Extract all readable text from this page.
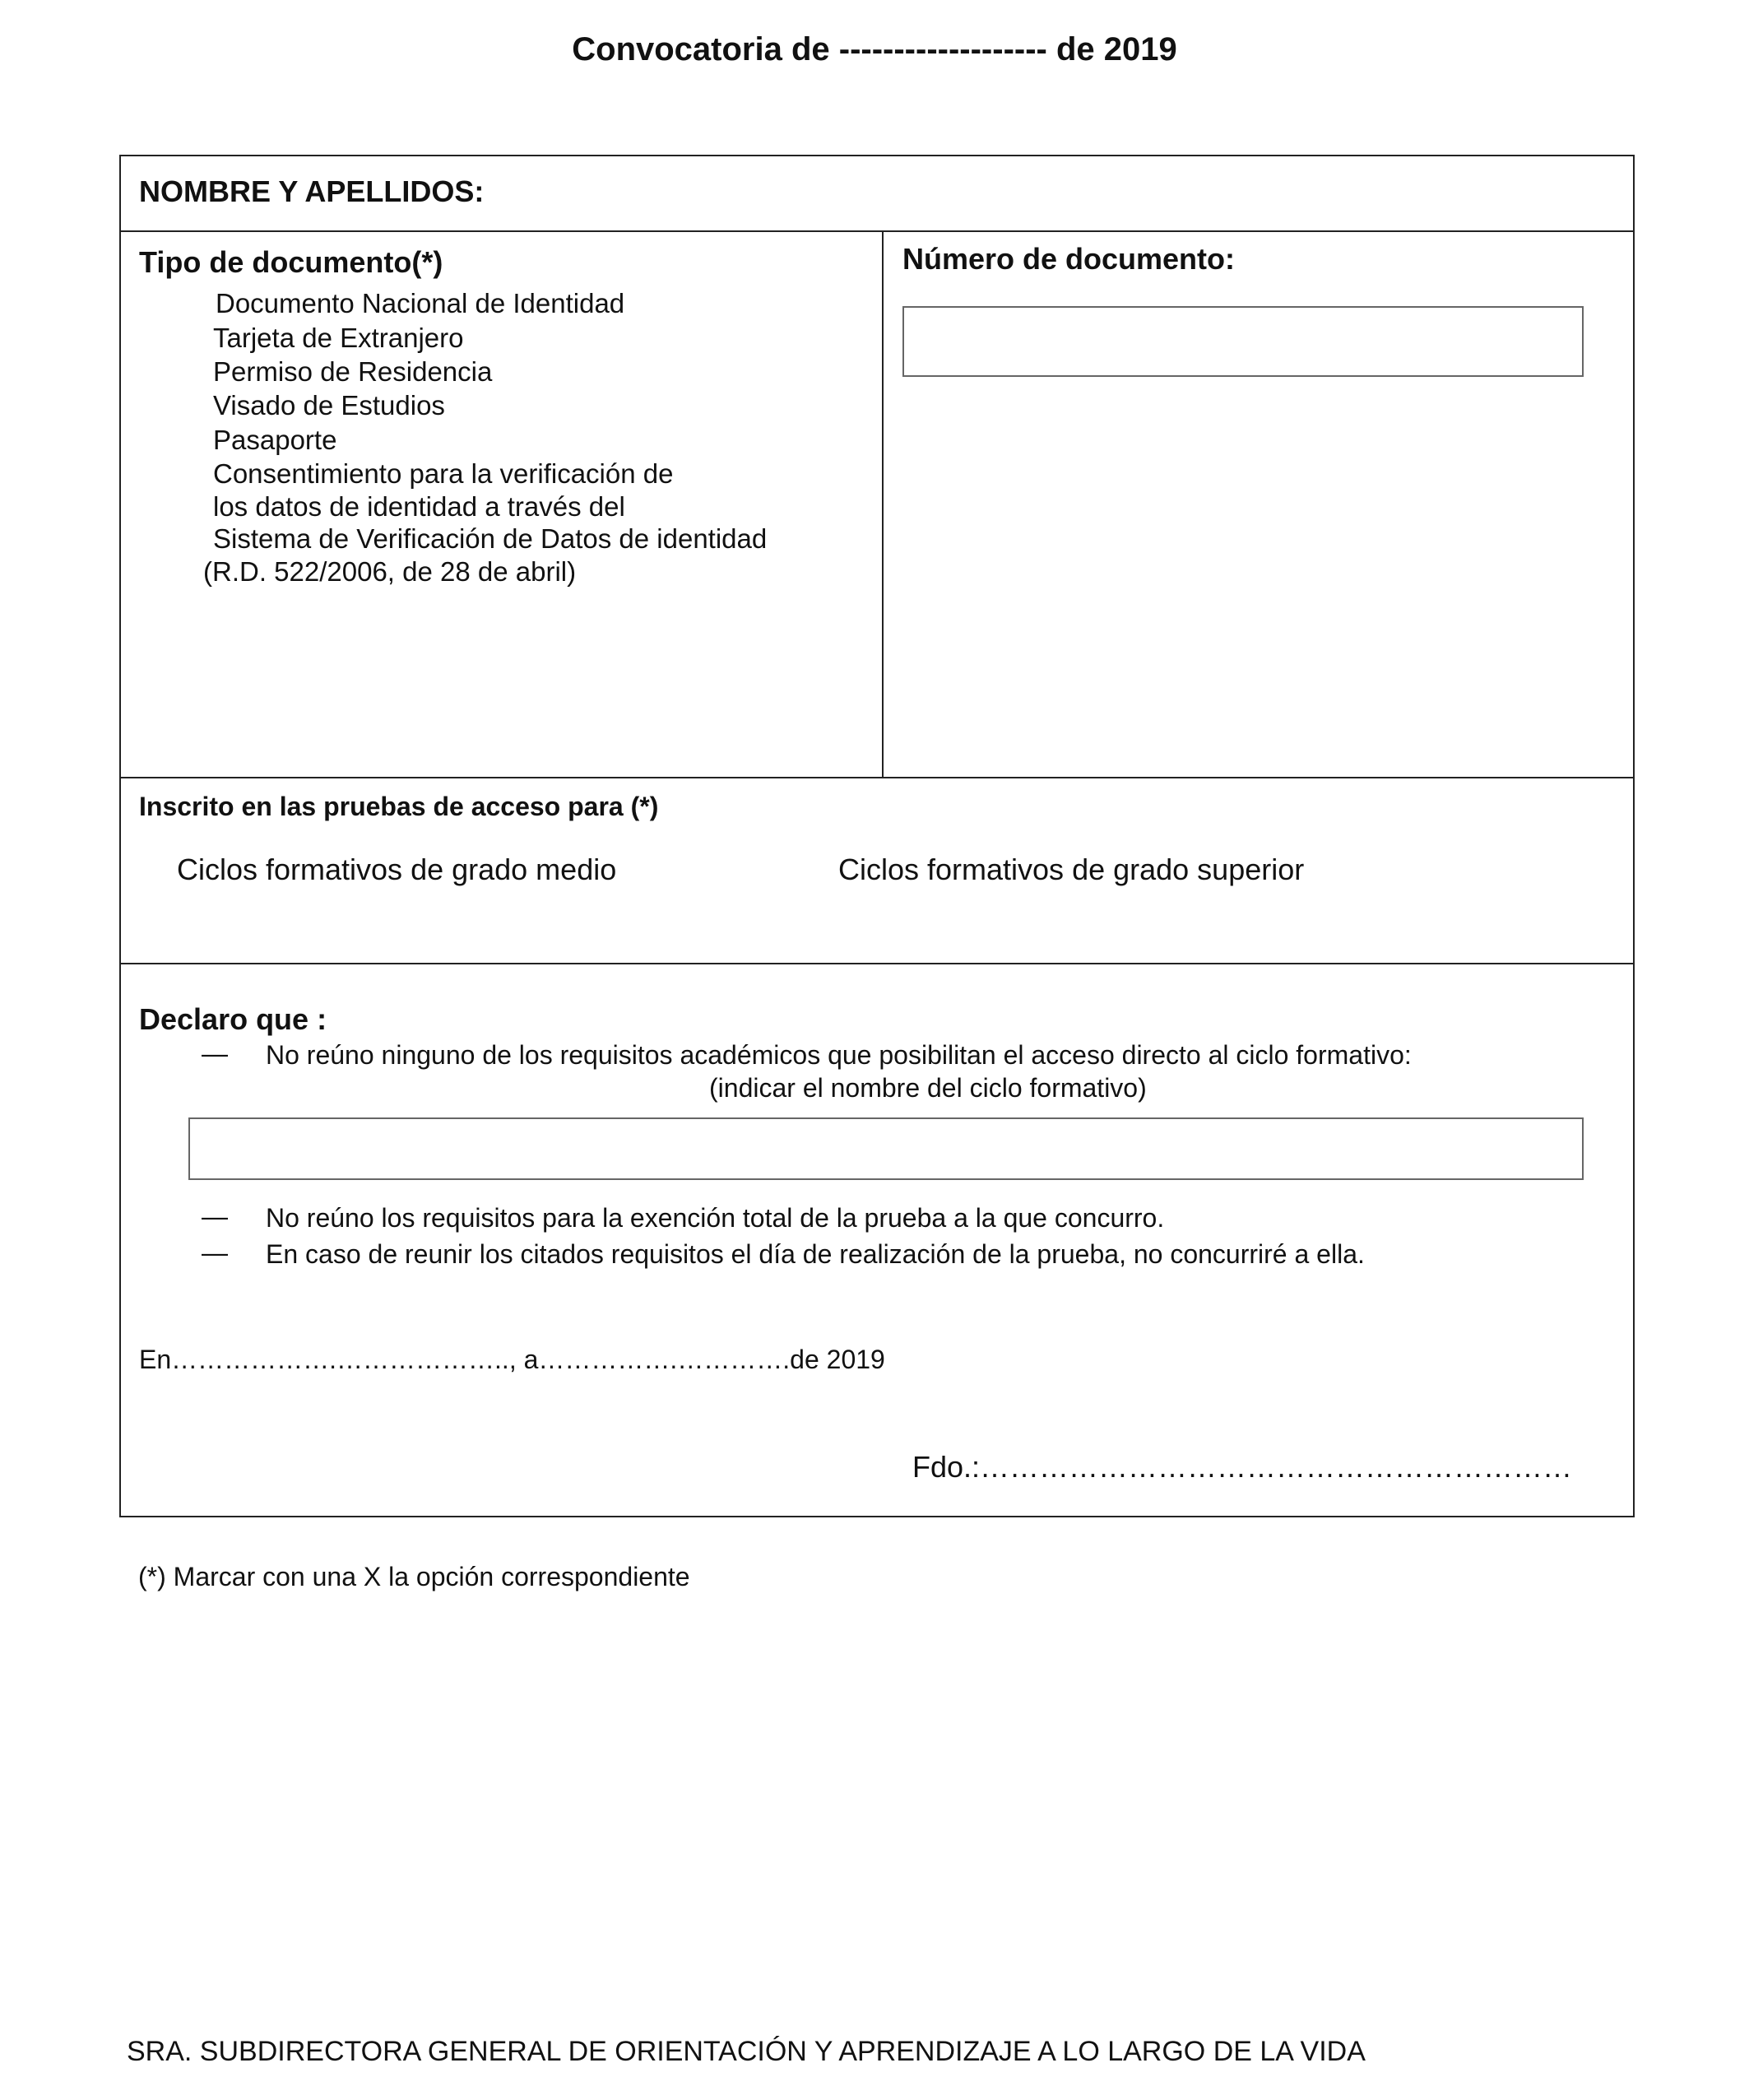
Convocatoria de ------------------- de 2019
NOMBRE Y APELLIDOS:
Tipo de documento(*)
Documento Nacional de Identidad
Tarjeta de Extranjero
Permiso de Residencia
Visado de Estudios
Pasaporte
Consentimiento para la verificación de
los datos de identidad a través del
Sistema de Verificación de Datos de identidad
(R.D. 522/2006, de 28 de abril)
Número de documento:
Inscrito en las pruebas de acceso para (*)
Ciclos formativos de grado medio	Ciclos formativos de grado superior
Declaro que :
— No reúno ninguno de los requisitos académicos que posibilitan el acceso directo al ciclo formativo:
(indicar el nombre del ciclo formativo)
— No reúno los requisitos para la exención total de la prueba a la que concurro.
— En caso de reunir los citados requisitos el día de realización de la prueba, no concurriré a ella.
En……………….……………….., a…………….………….de 2019
Fdo.:……………………………………………………
(*) Marcar con una X la opción correspondiente
SRA. SUBDIRECTORA GENERAL DE ORIENTACIÓN Y APRENDIZAJE A LO LARGO DE LA VIDA
